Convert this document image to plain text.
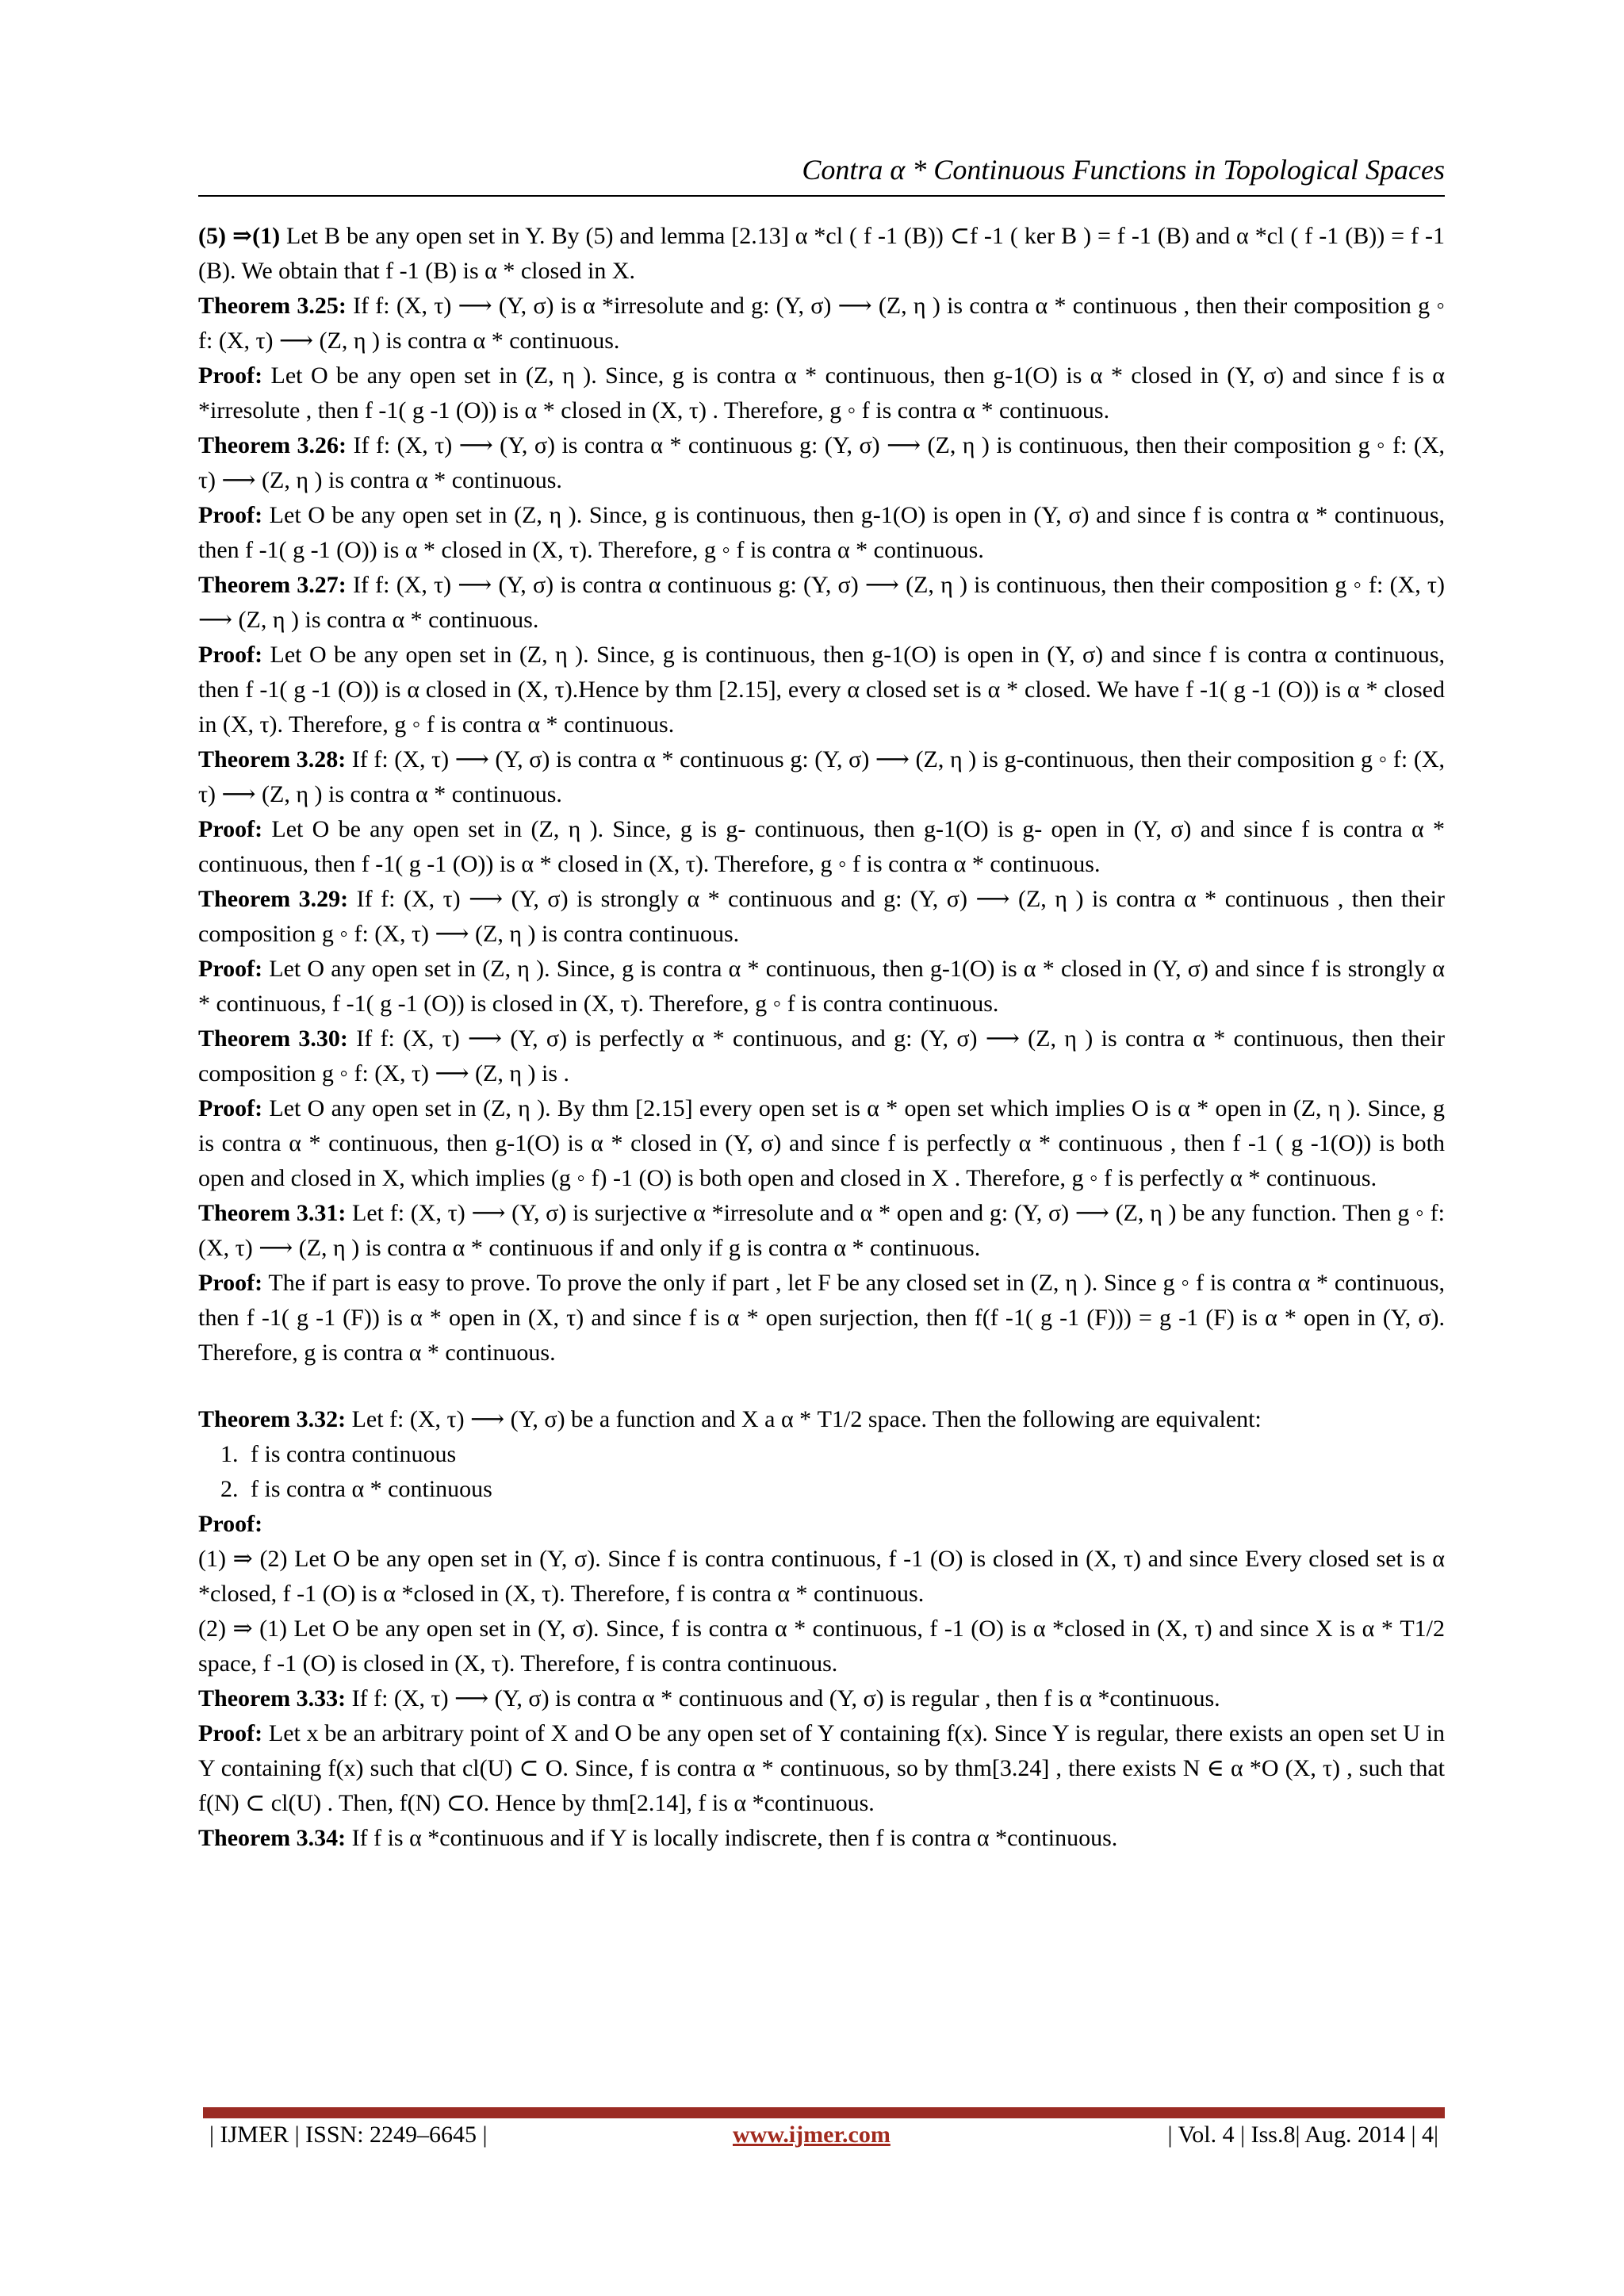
Contra α * Continuous Functions in Topological Spaces

(5) ⇒(1) Let B be any open set in Y. By (5) and lemma [2.13] α *cl ( f -1 (B)) ⊂f -1 ( ker B ) = f -1 (B) and α *cl ( f -1 (B)) = f -1 (B). We obtain that f -1 (B) is α * closed in X.

Theorem 3.25: If f: (X, τ) ⟶ (Y, σ) is α *irresolute and g: (Y, σ) ⟶ (Z, η ) is contra α * continuous , then their composition g ◦ f: (X, τ) ⟶ (Z, η ) is contra α * continuous.

Proof: Let O be any open set in (Z, η ). Since, g is contra α * continuous, then g-1(O) is α * closed in (Y, σ) and since f is α *irresolute , then f -1( g -1 (O)) is α * closed in (X, τ) . Therefore, g ◦ f is contra α * continuous.

Theorem 3.26: If f: (X, τ) ⟶ (Y, σ) is contra α * continuous g: (Y, σ) ⟶ (Z, η ) is continuous, then their composition g ◦ f: (X, τ) ⟶ (Z, η ) is contra α * continuous.

Proof: Let O be any open set in (Z, η ). Since, g is continuous, then g-1(O) is open in (Y, σ) and since f is contra α * continuous, then f -1( g -1 (O)) is α * closed in (X, τ). Therefore, g ◦ f is contra α * continuous.

Theorem 3.27: If f: (X, τ) ⟶ (Y, σ) is contra α continuous g: (Y, σ) ⟶ (Z, η ) is continuous, then their composition g ◦ f: (X, τ) ⟶ (Z, η ) is contra α * continuous.

Proof: Let O be any open set in (Z, η ). Since, g is continuous, then g-1(O) is open in (Y, σ) and since f is contra α continuous, then f -1( g -1 (O)) is α closed in (X, τ).Hence by thm [2.15], every α closed set is α * closed. We have f -1( g -1 (O)) is α * closed in (X, τ). Therefore, g ◦ f is contra α * continuous.

Theorem 3.28: If f: (X, τ) ⟶ (Y, σ) is contra α * continuous g: (Y, σ) ⟶ (Z, η ) is g-continuous, then their composition g ◦ f: (X, τ) ⟶ (Z, η ) is contra α * continuous.

Proof: Let O be any open set in (Z, η ). Since, g is g- continuous, then g-1(O) is g- open in (Y, σ) and since f is contra α * continuous, then f -1( g -1 (O)) is α * closed in (X, τ). Therefore, g ◦ f is contra α * continuous.

Theorem 3.29: If f: (X, τ) ⟶ (Y, σ) is strongly α * continuous and g: (Y, σ) ⟶ (Z, η ) is contra α * continuous , then their composition g ◦ f: (X, τ) ⟶ (Z, η ) is contra continuous.

Proof: Let O any open set in (Z, η ). Since, g is contra α * continuous, then g-1(O) is α * closed in (Y, σ) and since f is strongly α * continuous, f -1( g -1 (O)) is closed in (X, τ). Therefore, g ◦ f is contra continuous.

Theorem 3.30: If f: (X, τ) ⟶ (Y, σ) is perfectly α * continuous, and g: (Y, σ) ⟶ (Z, η ) is contra α * continuous, then their composition g ◦ f: (X, τ) ⟶ (Z, η ) is .

Proof: Let O any open set in (Z, η ). By thm [2.15] every open set is α * open set which implies O is α * open in (Z, η ). Since, g is contra α * continuous, then g-1(O) is α * closed in (Y, σ) and since f is perfectly α * continuous , then f -1 ( g -1(O)) is both open and closed in X, which implies (g ◦ f) -1 (O) is both open and closed in X . Therefore, g ◦ f is perfectly α * continuous.

Theorem 3.31: Let f: (X, τ) ⟶ (Y, σ) is surjective α *irresolute and α * open and g: (Y, σ) ⟶ (Z, η ) be any function. Then g ◦ f: (X, τ) ⟶ (Z, η ) is contra α * continuous if and only if g is contra α * continuous.

Proof: The if part is easy to prove. To prove the only if part , let F be any closed set in (Z, η ). Since g ◦ f is contra α * continuous, then f -1( g -1 (F)) is α * open in (X, τ) and since f is α * open surjection, then f(f -1( g -1 (F))) = g -1 (F) is α * open in (Y, σ). Therefore, g is contra α * continuous.

Theorem 3.32: Let f: (X, τ) ⟶ (Y, σ) be a function and X a α * T1/2 space. Then the following are equivalent:

1. f is contra continuous
2. f is contra α * continuous

Proof:

(1) ⇒ (2) Let O be any open set in (Y, σ). Since f is contra continuous, f -1 (O) is closed in (X, τ) and since Every closed set is α *closed, f -1 (O) is α *closed in (X, τ). Therefore, f is contra α * continuous.

(2) ⇒ (1) Let O be any open set in (Y, σ). Since, f is contra α * continuous, f -1 (O) is α *closed in (X, τ) and since X is α * T1/2 space, f -1 (O) is closed in (X, τ). Therefore, f is contra continuous.

Theorem 3.33: If f: (X, τ) ⟶ (Y, σ) is contra α * continuous and (Y, σ) is regular , then f is α *continuous.

Proof: Let x be an arbitrary point of X and O be any open set of Y containing f(x). Since Y is regular, there exists an open set U in Y containing f(x) such that cl(U) ⊂ O. Since, f is contra α * continuous, so by thm[3.24] , there exists N ∈ α *O (X, τ) , such that f(N) ⊂ cl(U) . Then, f(N) ⊂O. Hence by thm[2.14], f is α *continuous.

Theorem 3.34: If f is α *continuous and if Y is locally indiscrete, then f is contra α *continuous.

| IJMER | ISSN: 2249–6645 |	www.ijmer.com	| Vol. 4 | Iss.8| Aug. 2014 | 4|
